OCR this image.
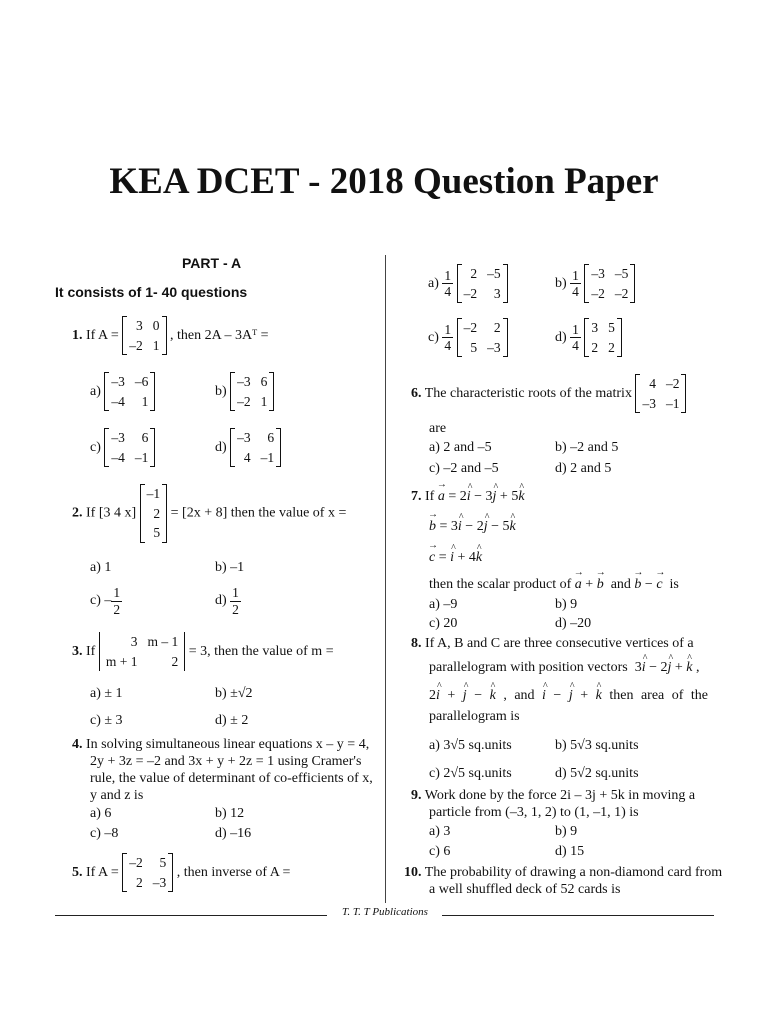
KEA DCET - 2018 Question Paper
PART - A
It consists of 1- 40 questions
1. If A =
3 0
–2 1
, then 2A – 3Aᵀ =
a)
–3 –6
–4	1
b)
–3 6
–2 1
c)
–3	6
–4 –1
d)
–3	6
4 –1
2. If [3 4 x]
–1
2
5
= [2x + 8] then the value of x =
a) 1	b) –1
$c) - \frac{1}{2}$	$d) \frac{1}{2}$
3. If
3 m – 1
m + 1	2
= 3, then the value of m =
a) ± 1	b) ±√2
c) ± 3	d) ± 2
4. In solving simultaneous linear equations x – y = 4,
2y + 3z = –2 and 3x + y + 2z = 1 using Cramer's
rule, the value of determinant of co-efficients of x,
y and z is
a) 6	b) 12
c) –8	d) –16
5. If A =
–2	5
2 –3
, then inverse of A =
$a) \frac{1}{4}$
	2 –5
–2	3
$b) \frac{1}{4}$
–3 –5
–2 –2
$c) \frac{1}{4}$
–2	2
5 –3
$d) \frac{1}{4}$
3 5
2 2
6. The characteristic roots of the matrix
4 –2
–3 –1
are
a) 2 and –5	b) –2 and 5
c) –2 and –5	d) 2 and 5
7. If a → = 2i ^ − 3j ^ + 5k ^
b → = 3i ^ − 2j ^ − 5k ^
c → = i ^ + 4k ^
then the scalar product of a → + b →  and b → − c →  is
a) –9	b) 9
c) 20	d) –20
8. If A, B and C are three consecutive vertices of a
parallelogram with position vectors  3i ^ − 2j ^ + k ^ ,
2i ^ + j ^ − k ^ , and i ^ − j ^ + k ^ then area of the
parallelogram is
a) 3√5 sq.units	b) 5√3 sq.units
c) 2√5 sq.units	d) 5√2 sq.units
9. Work done by the force 2i – 3j + 5k in moving a
particle from (–3, 1, 2) to (1, –1, 1) is
a) 3	b) 9
c) 6	d) 15
10. The probability of drawing a non-diamond card from
a well shuffled deck of 52 cards is
T. T. T Publications
